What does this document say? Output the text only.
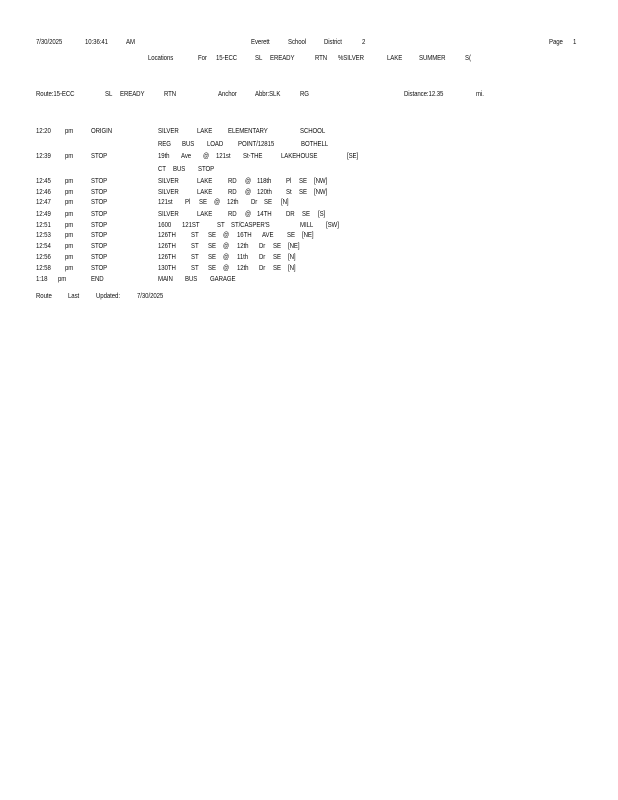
7/30/2025	10:36:41 AM	Everett School District	2	Page 1
Locations	For 15-ECC SL EREADY	RTN %SILVER	LAKE SUMMER	S(
Route:15-ECC	SL EREADY	RTN	Anchor Abbr:SLK	RG	Distance:12.35	mi.
12:20 pm ORIGIN	SILVER LAKE ELEMENTARY	SCHOOL
REG BUS LOAD POINT/12815	BOTHELL
12:39 pm STOP	19th Ave @ 121st St-THE	LAKEHOUSE	[SE]
CT BUS STOP
12:45 pm STOP	SILVER LAKE RD @ 118th Pl SE [NW]
12:46 pm STOP	SILVER LAKE RD @ 120th St SE [NW]
12:47 pm STOP	121st Pl SE @ 12th Dr SE [N]
12:49 pm STOP	SILVER LAKE RD @ 14TH DR SE [S]
12:51 pm STOP	1600 121ST ST ST/CASPER'S	MILL [SW]
12:53 pm STOP	126TH ST SE @ 16TH AVE SE [NE]
12:54 pm STOP	126TH ST SE @ 12th Dr SE [NE]
12:56 pm STOP	126TH ST SE @ 11th Dr SE [N]
12:58 pm STOP	130TH ST SE @ 12th Dr SE [N]
1:18 pm	END	MAIN BUS GARAGE
Route Last Updated: 7/30/2025
